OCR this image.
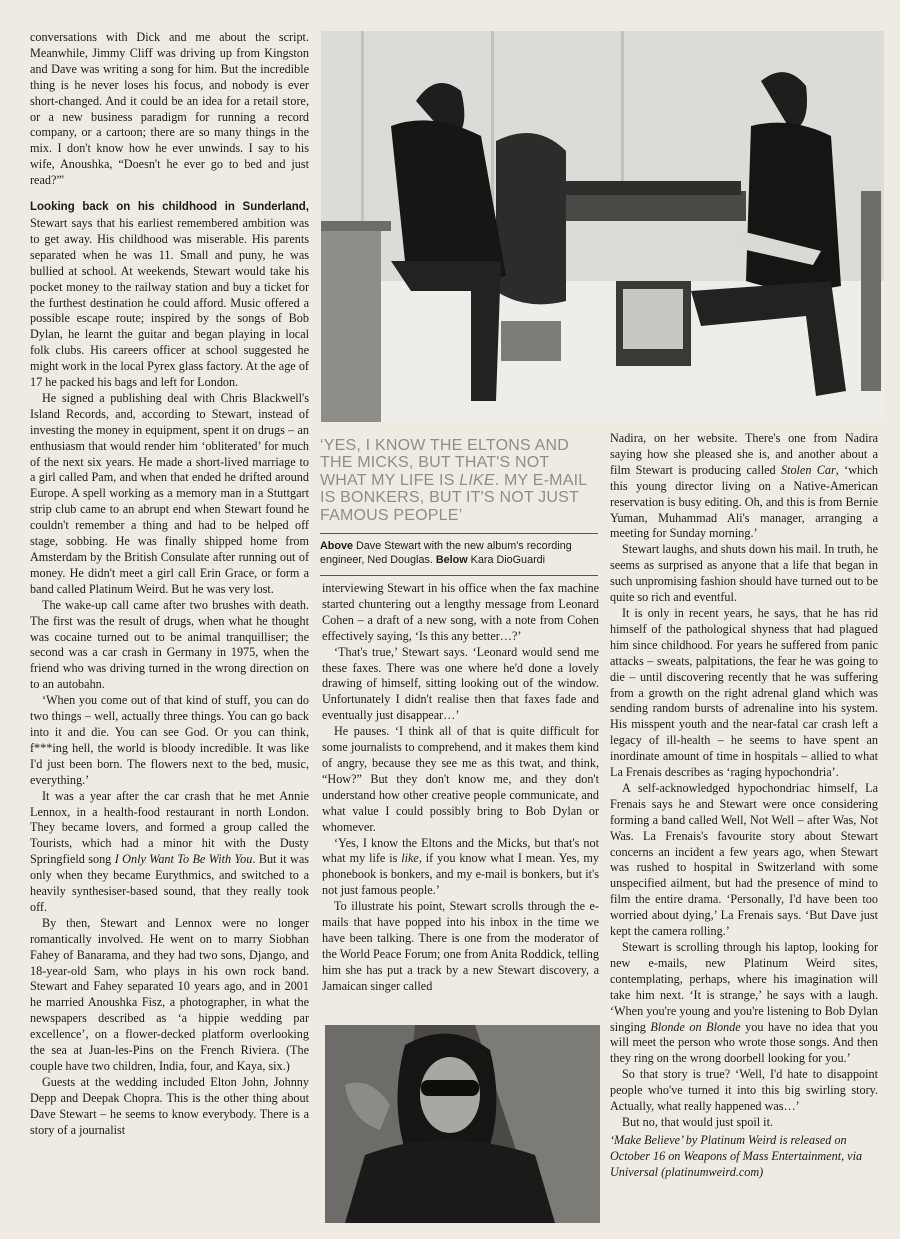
conversations with Dick and me about the script. Meanwhile, Jimmy Cliff was driving up from Kingston and Dave was writing a song for him. But the incredible thing is he never loses his focus, and nobody is ever short-changed. And it could be an idea for a retail store, or a new business paradigm for running a record company, or a cartoon; there are so many things in the mix. I don't know how he ever unwinds. I say to his wife, Anoushka, “Doesn't he ever go to bed and just read?”'

Looking back on his childhood in Sunderland, Stewart says that his earliest remembered ambition was to get away. His childhood was miserable. His parents separated when he was 11. Small and puny, he was bullied at school. At weekends, Stewart would take his pocket money to the railway station and buy a ticket for the furthest destination he could afford. Music offered a possible escape route; inspired by the songs of Bob Dylan, he learnt the guitar and began playing in local folk clubs. His careers officer at school suggested he might work in the local Pyrex glass factory. At the age of 17 he packed his bags and left for London.

He signed a publishing deal with Chris Blackwell's Island Records, and, according to Stewart, instead of investing the money in equipment, spent it on drugs – an enthusiasm that would render him ‘obliterated’ for much of the next six years. He made a short-lived marriage to a girl called Pam, and when that ended he drifted around Europe. A spell working as a memory man in a Stuttgart strip club came to an abrupt end when Stewart found he couldn't remember a thing and had to be helped off stage, sobbing. He was finally shipped home from Amsterdam by the British Consulate after running out of money. He didn't meet a girl call Erin Grace, or form a band called Platinum Weird. But he was very lost.

The wake-up call came after two brushes with death. The first was the result of drugs, when what he thought was cocaine turned out to be animal tranquilliser; the second was a car crash in Germany in 1975, when the friend who was driving turned in the wrong direction on to an autobahn.

‘When you come out of that kind of stuff, you can do two things – well, actually three things. You can go back into it and die. You can see God. Or you can think, f***ing hell, the world is bloody incredible. It was like I'd just been born. The flowers next to the bed, music, everything.’

It was a year after the car crash that he met Annie Lennox, in a health-food restaurant in north London. They became lovers, and formed a group called the Tourists, which had a minor hit with the Dusty Springfield song I Only Want To Be With You. But it was only when they became Eurythmics, and switched to a heavily synthesiser-based sound, that they really took off.

By then, Stewart and Lennox were no longer romantically involved. He went on to marry Siobhan Fahey of Banarama, and they had two sons, Django, and 18-year-old Sam, who plays in his own rock band. Stewart and Fahey separated 10 years ago, and in 2001 he married Anoushka Fisz, a photographer, in what the newspapers described as ‘a hippie wedding par excellence’, on a flower-decked platform overlooking the sea at Juan-les-Pins on the French Riviera. (The couple have two children, India, four, and Kaya, six.)

Guests at the wedding included Elton John, Johnny Depp and Deepak Chopra. This is the other thing about Dave Stewart – he seems to know everybody. There is a story of a journalist

‘YES, I KNOW THE ELTONS AND THE MICKS, BUT THAT'S NOT WHAT MY LIFE IS LIKE. MY E-MAIL IS BONKERS, BUT IT'S NOT JUST FAMOUS PEOPLE’

Above Dave Stewart with the new album's recording engineer, Ned Douglas. Below Kara DioGuardi

interviewing Stewart in his office when the fax machine started chuntering out a lengthy message from Leonard Cohen – a draft of a new song, with a note from Cohen effectively saying, ‘Is this any better…?’

‘That's true,’ Stewart says. ‘Leonard would send me these faxes. There was one where he'd done a lovely drawing of himself, sitting looking out of the window. Unfortunately I didn't realise then that faxes fade and eventually just disappear…’

He pauses. ‘I think all of that is quite difficult for some journalists to comprehend, and it makes them kind of angry, because they see me as this twat, and think, “How?” But they don't know me, and they don't understand how other creative people communicate, and what value I could possibly bring to Bob Dylan or whomever.

‘Yes, I know the Eltons and the Micks, but that's not what my life is like, if you know what I mean. Yes, my phonebook is bonkers, and my e-mail is bonkers, but it's not just famous people.’

To illustrate his point, Stewart scrolls through the e-mails that have popped into his inbox in the time we have been talking. There is one from the moderator of the World Peace Forum; one from Anita Roddick, telling him she has put a track by a new Stewart discovery, a Jamaican singer called

Nadira, on her website. There's one from Nadira saying how she pleased she is, and another about a film Stewart is producing called Stolen Car, ‘which this young director living on a Native-American reservation is busy editing. Oh, and this is from Bernie Yuman, Muhammad Ali's manager, arranging a meeting for Sunday morning.’

Stewart laughs, and shuts down his mail. In truth, he seems as surprised as anyone that a life that began in such unpromising fashion should have turned out to be quite so rich and eventful.

It is only in recent years, he says, that he has rid himself of the pathological shyness that had plagued him since childhood. For years he suffered from panic attacks – sweats, palpitations, the fear he was going to die – until discovering recently that he was suffering from a growth on the right adrenal gland which was sending random bursts of adrenaline into his system. His misspent youth and the near-fatal car crash left a legacy of ill-health – he seems to have spent an inordinate amount of time in hospitals – allied to what La Frenais describes as ‘raging hypochondria’.

A self-acknowledged hypochondriac himself, La Frenais says he and Stewart were once considering forming a band called Well, Not Well – after Was, Not Was. La Frenais's favourite story about Stewart concerns an incident a few years ago, when Stewart was rushed to hospital in Switzerland with some unspecified ailment, but had the presence of mind to film the entire drama. ‘Personally, I'd have been too worried about dying,’ La Frenais says. ‘But Dave just kept the camera rolling.’

Stewart is scrolling through his laptop, looking for new e-mails, new Platinum Weird sites, contemplating, perhaps, where his imagination will take him next. ‘It is strange,’ he says with a laugh. ‘When you're young and you're listening to Bob Dylan singing Blonde on Blonde you have no idea that you will meet the person who wrote those songs. And then they ring on the wrong doorbell looking for you.’

So that story is true? ‘Well, I'd hate to disappoint people who've turned it into this big swirling story. Actually, what really happened was…’

But no, that would just spoil it.

‘Make Believe’ by Platinum Weird is released on October 16 on Weapons of Mass Entertainment, via Universal (platinumweird.com)
